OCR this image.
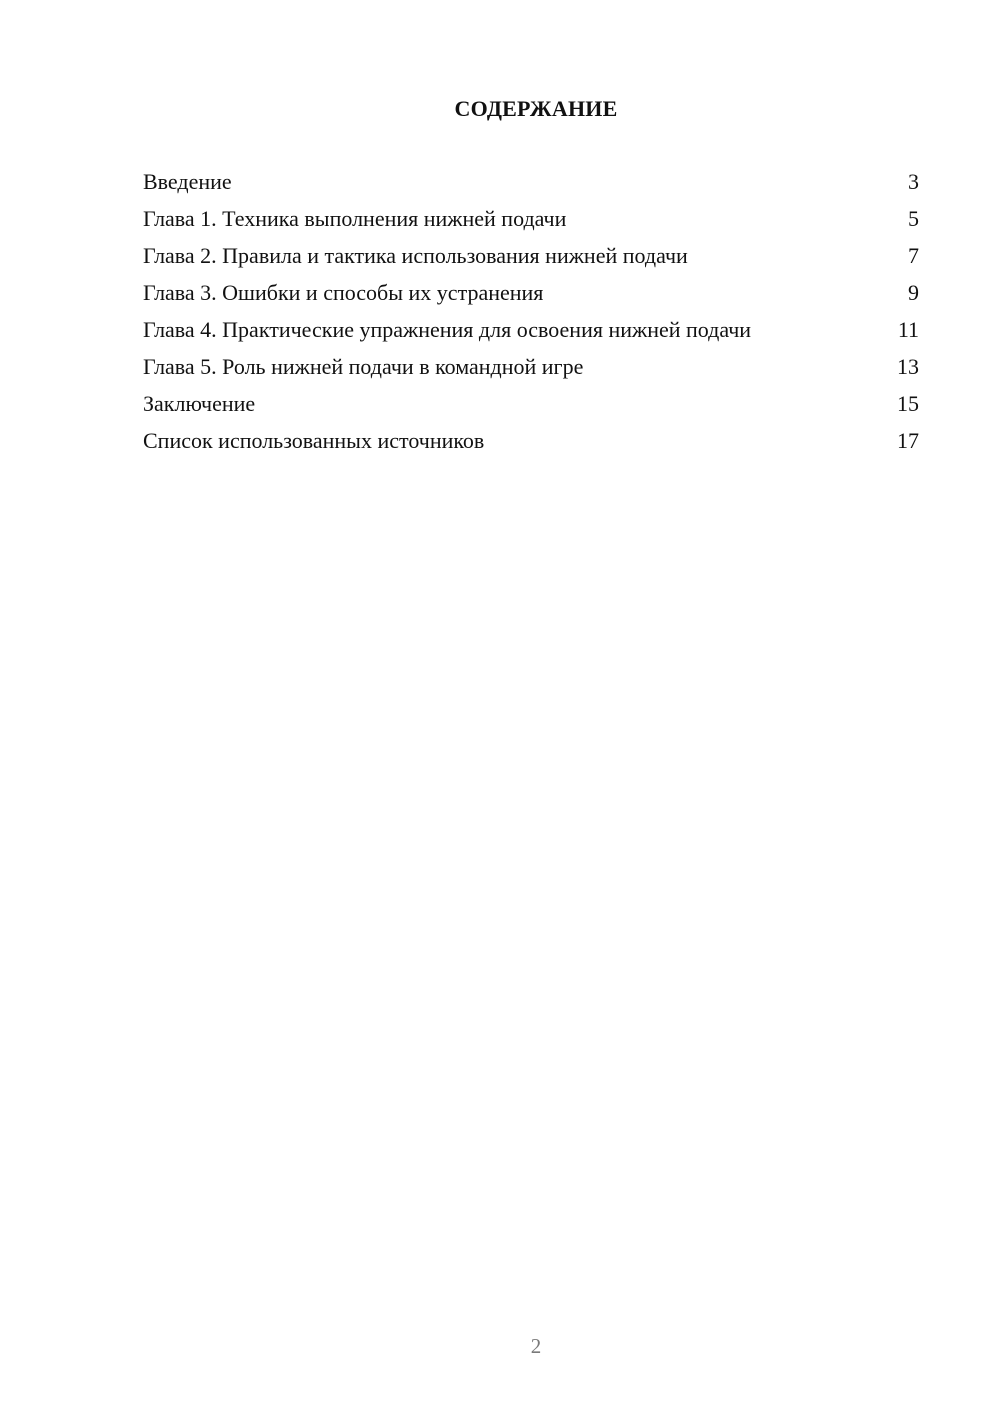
СОДЕРЖАНИЕ
Введение	3
Глава 1. Техника выполнения нижней подачи	5
Глава 2. Правила и тактика использования нижней подачи	7
Глава 3. Ошибки и способы их устранения	9
Глава 4. Практические упражнения для освоения нижней подачи	11
Глава 5. Роль нижней подачи в командной игре	13
Заключение	15
Список использованных источников	17
2
